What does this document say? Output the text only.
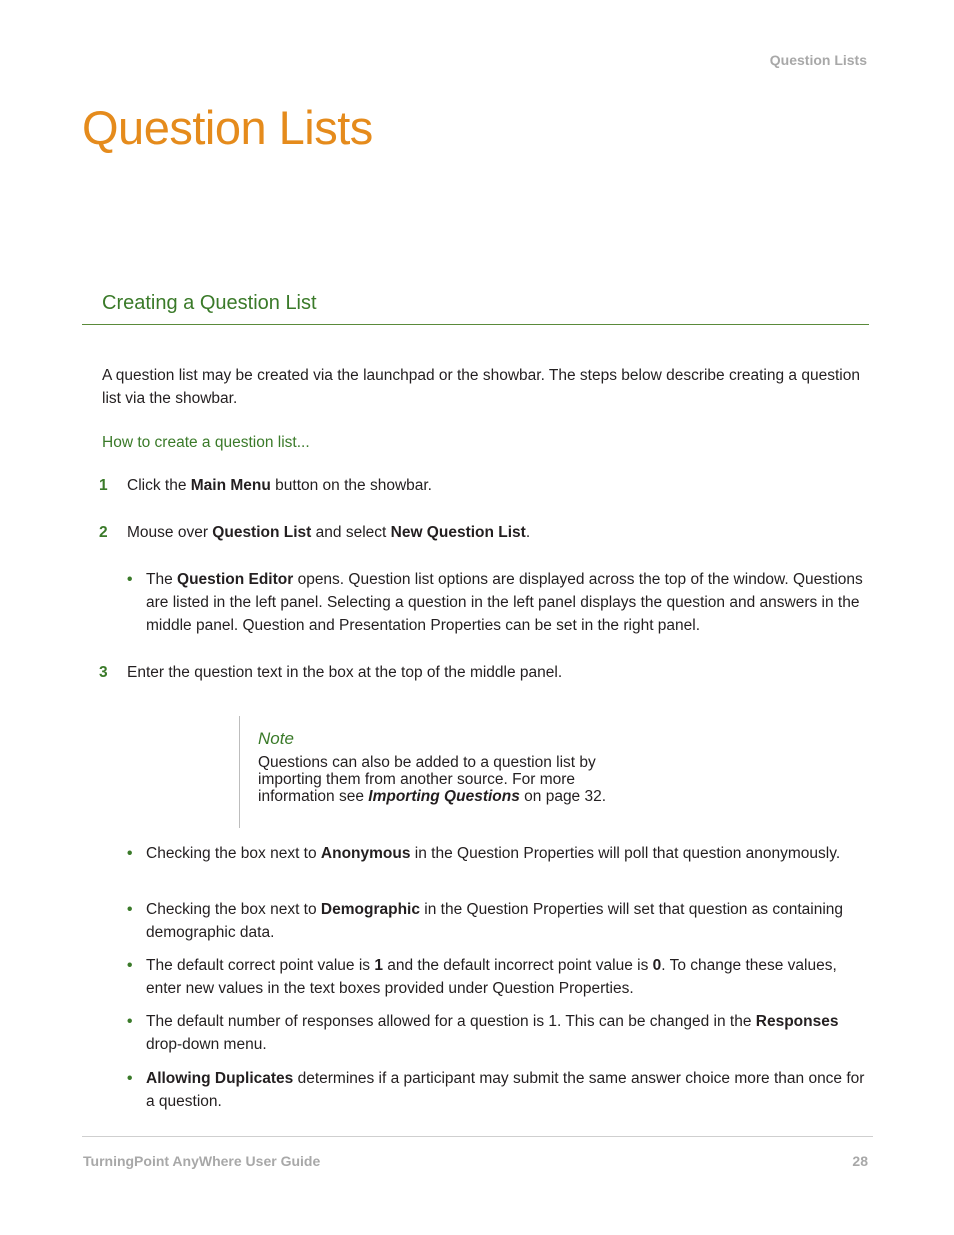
Question Lists
Question Lists
Creating a Question List

A question list may be created via the launchpad or the showbar. The steps below describe creating a question list via the showbar.

How to create a question list...
1	Click the Main Menu button on the showbar.
2	Mouse over Question List and select New Question List.
• The Question Editor opens. Question list options are displayed across the top of the window. Questions are listed in the left panel. Selecting a question in the left panel displays the question and answers in the middle panel. Question and Presentation Properties can be set in the right panel.
3	Enter the question text in the box at the top of the middle panel.
Note
Questions can also be added to a question list by importing them from another source. For more information see Importing Questions on page 32.
• Checking the box next to Anonymous in the Question Properties will poll that question anonymously.
• Checking the box next to Demographic in the Question Properties will set that question as containing demographic data.
• The default correct point value is 1 and the default incorrect point value is 0. To change these values, enter new values in the text boxes provided under Question Properties.
• The default number of responses allowed for a question is 1. This can be changed in the Responses drop-down menu.
• Allowing Duplicates determines if a participant may submit the same answer choice more than once for a question.
TurningPoint AnyWhere User Guide	28
